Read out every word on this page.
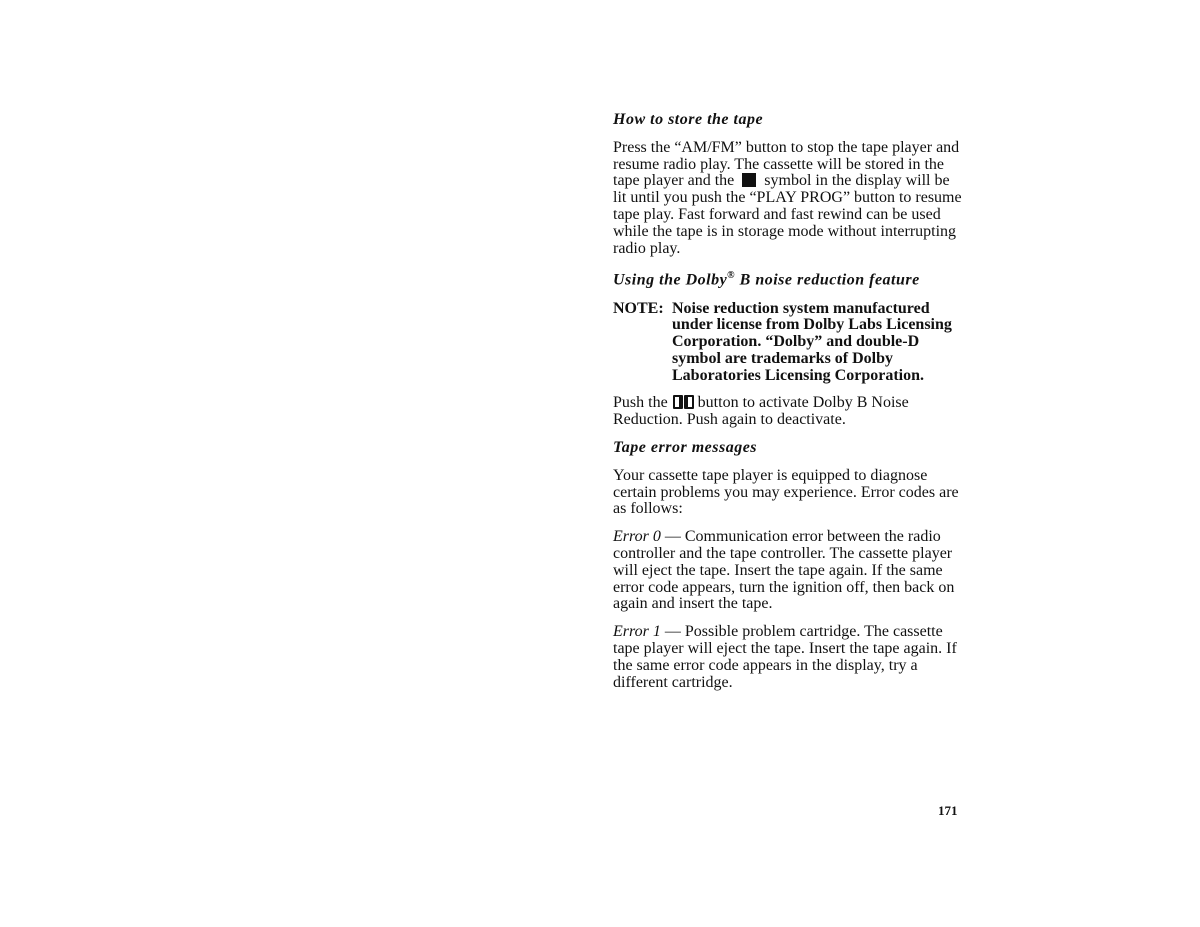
How to store the tape
Press the “AM/FM” button to stop the tape player and resume radio play. The cassette will be stored in the tape player and the symbol in the display will be lit until you push the “PLAY PROG” button to resume tape play. Fast forward and fast rewind can be used while the tape is in storage mode without interrupting radio play.
Using the Dolby® B noise reduction feature
NOTE: Noise reduction system manufactured under license from Dolby Labs Licensing Corporation. “Dolby” and double-D symbol are trademarks of Dolby Laboratories Licensing Corporation.
Push the button to activate Dolby B Noise Reduction. Push again to deactivate.
Tape error messages
Your cassette tape player is equipped to diagnose certain problems you may experience. Error codes are as follows:
Error 0 — Communication error between the radio controller and the tape controller. The cassette player will eject the tape. Insert the tape again. If the same error code appears, turn the ignition off, then back on again and insert the tape.
Error 1 — Possible problem cartridge. The cassette tape player will eject the tape. Insert the tape again. If the same error code appears in the display, try a different cartridge.
171
